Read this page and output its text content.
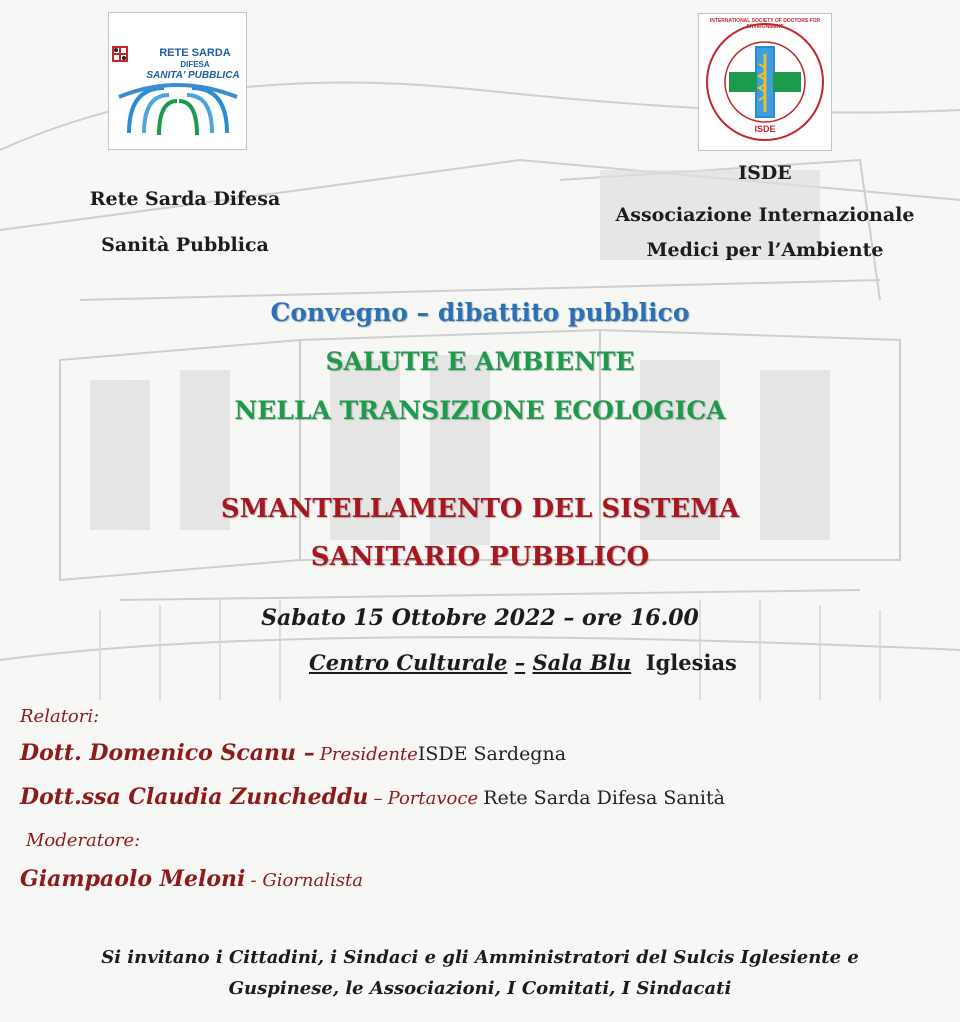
RETE SARDA
DIFESA
SANITA' PUBBLICA
INTERNATIONAL SOCIETY OF DOCTORS FOR ENVIRONMENT
ISDE
Rete Sarda Difesa
Sanità Pubblica
ISDE
Associazione Internazionale
Medici per l’Ambiente
Convegno – dibattito pubblico
SALUTE E AMBIENTE
NELLA TRANSIZIONE ECOLOGICA
SMANTELLAMENTO DEL SISTEMA
SANITARIO PUBBLICO
Sabato 15 Ottobre 2022 – ore 16.00
Centro Culturale – Sala Blu Iglesias
Relatori:
Dott. Domenico Scanu – PresidenteISDE Sardegna
Dott.ssa Claudia Zuncheddu – Portavoce Rete Sarda Difesa Sanità
Moderatore:
Giampaolo Meloni - Giornalista
Si invitano i Cittadini, i Sindaci e gli Amministratori del Sulcis Iglesiente e
Guspinese, le Associazioni, I Comitati, I Sindacati
